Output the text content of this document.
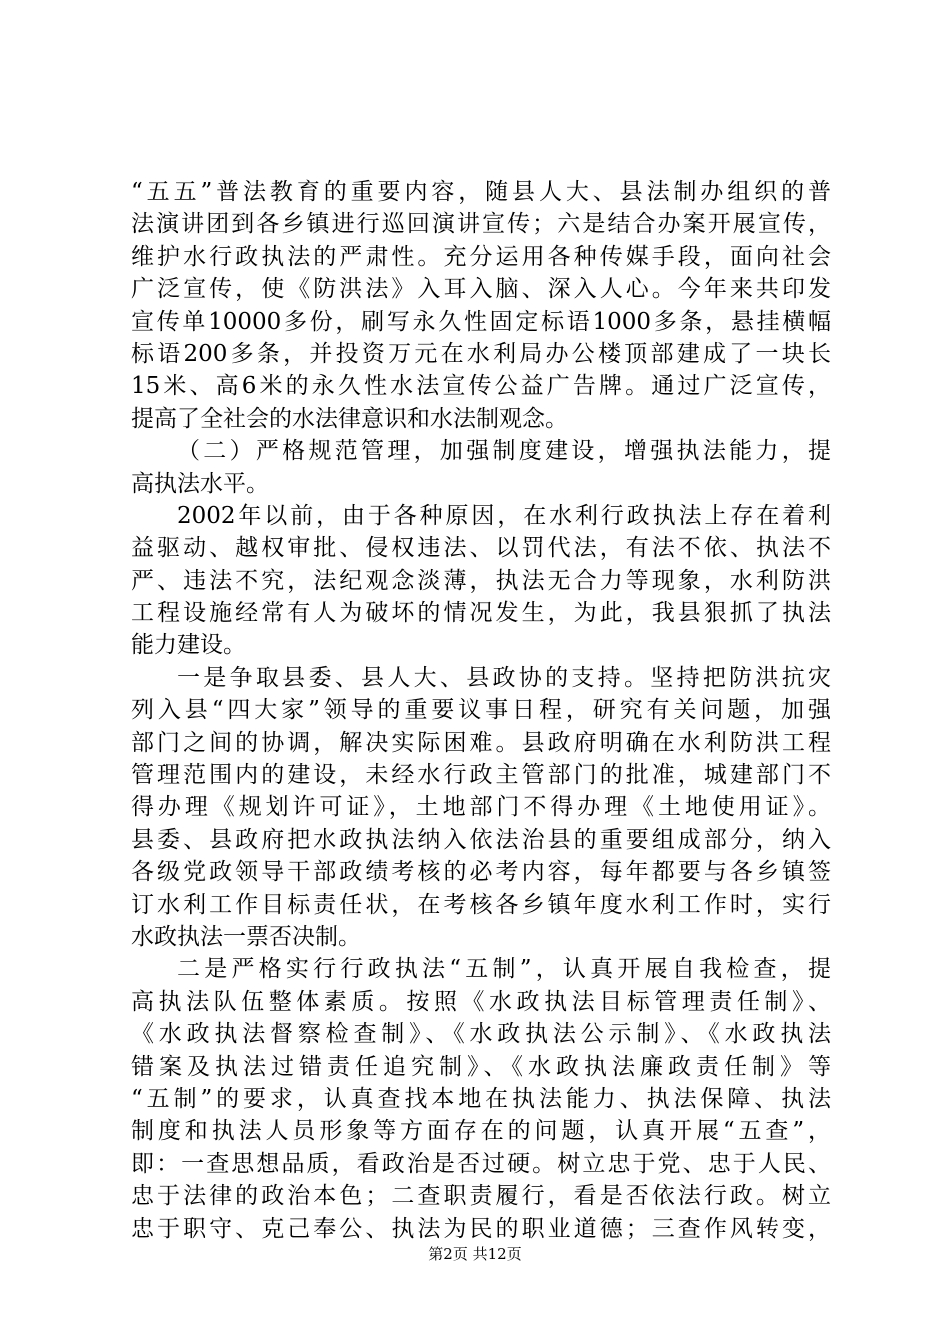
“五五”普法教育的重要内容，随县人大、县法制办组织的普
法演讲团到各乡镇进行巡回演讲宣传；六是结合办案开展宣传，
维护水行政执法的严肃性。充分运用各种传媒手段，面向社会
广泛宣传，使《防洪法》入耳入脑、深入人心。今年来共印发
宣传单10000多份，刷写永久性固定标语1000多条，悬挂横幅
标语200多条，并投资万元在水利局办公楼顶部建成了一块长
15米、高6米的永久性水法宣传公益广告牌。通过广泛宣传，
提高了全社会的水法律意识和水法制观念。
（二）严格规范管理，加强制度建设，增强执法能力，提
高执法水平。
2002年以前，由于各种原因，在水利行政执法上存在着利
益驱动、越权审批、侵权违法、以罚代法，有法不依、执法不
严、违法不究，法纪观念淡薄，执法无合力等现象，水利防洪
工程设施经常有人为破坏的情况发生，为此，我县狠抓了执法
能力建设。
一是争取县委、县人大、县政协的支持。坚持把防洪抗灾
列入县“四大家”领导的重要议事日程，研究有关问题，加强
部门之间的协调，解决实际困难。县政府明确在水利防洪工程
管理范围内的建设，未经水行政主管部门的批准，城建部门不
得办理《规划许可证》，土地部门不得办理《土地使用证》。
县委、县政府把水政执法纳入依法治县的重要组成部分，纳入
各级党政领导干部政绩考核的必考内容，每年都要与各乡镇签
订水利工作目标责任状，在考核各乡镇年度水利工作时，实行
水政执法一票否决制。
二是严格实行行政执法“五制”，认真开展自我检查，提
高执法队伍整体素质。按照《水政执法目标管理责任制》、
《水政执法督察检查制》、《水政执法公示制》、《水政执法
错案及执法过错责任追究制》、《水政执法廉政责任制》等
“五制”的要求，认真查找本地在执法能力、执法保障、执法
制度和执法人员形象等方面存在的问题，认真开展“五查”，
即：一查思想品质，看政治是否过硬。树立忠于党、忠于人民、
忠于法律的政治本色；二查职责履行，看是否依法行政。树立
忠于职守、克己奉公、执法为民的职业道德；三查作风转变，
第2页 共12页
